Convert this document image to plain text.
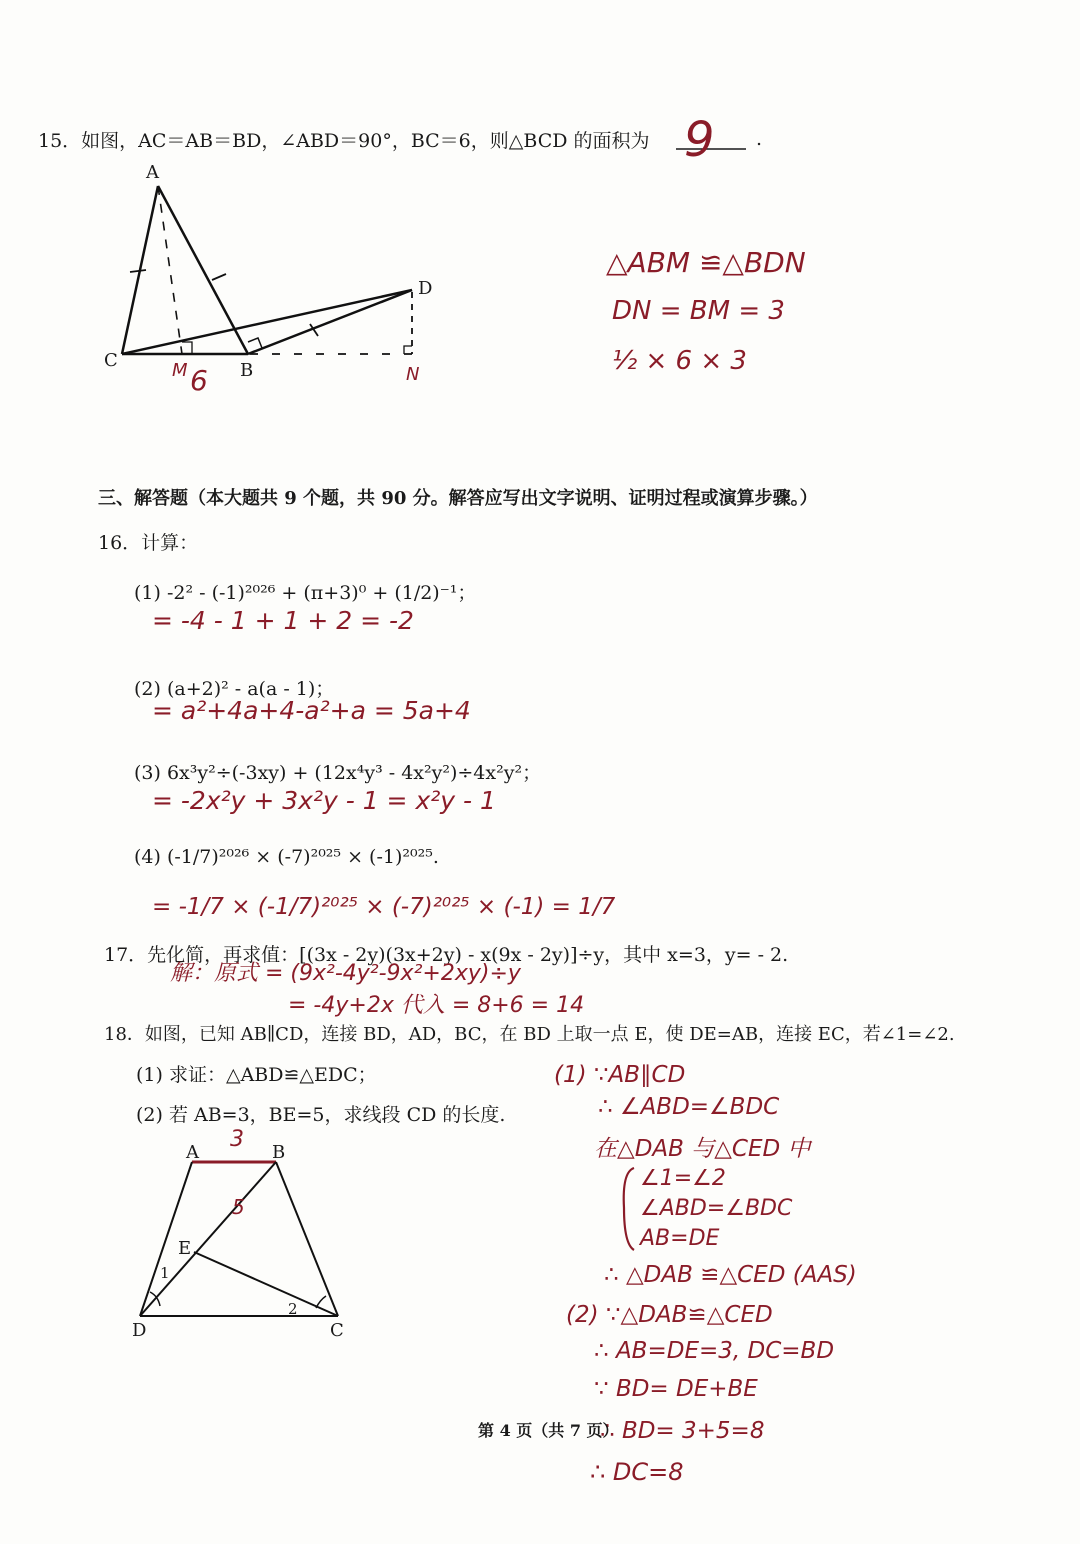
15．如图，AC＝AB＝BD，∠ABD＝90°，BC＝6，则△BCD 的面积为 9 .
A
C	B
D
M 6	N
△ABM ≌△BDN
DN = BM = 3
½ × 6 × 3
三、解答题（本大题共 9 个题，共 90 分。解答应写出文字说明、证明过程或演算步骤。）
16．计算：
(1) -2² - (-1)²⁰²⁶ + (π+3)⁰ + (1/2)⁻¹；
= -4 - 1 + 1 + 2 = -2
(2) (a+2)² - a(a - 1)；
= a²+4a+4-a²+a = 5a+4
(3) 6x³y²÷(-3xy) + (12x⁴y³ - 4x²y²)÷4x²y²；
= -2x²y + 3x²y - 1 = x²y - 1
(4) (-1/7)²⁰²⁶ × (-7)²⁰²⁵ × (-1)²⁰²⁵.
= -1/7 × (-1/7)²⁰²⁵ × (-7)²⁰²⁵ × (-1) = 1/7
17．先化简，再求值：[(3x - 2y)(3x+2y) - x(9x - 2y)]÷y，其中 x=3，y= - 2.
解：原式 = (9x²-4y²-9x²+2xy)÷y
= -4y+2x 代入 = 8+6 = 14
18．如图，已知 AB∥CD，连接 BD，AD，BC，在 BD 上取一点 E，使 DE=AB，连接 EC，若∠1=∠2.
(1) 求证：△ABD≌△EDC；
(2) 若 AB=3，BE=5，求线段 CD 的长度.
A	B
D	C
E
1
2
3
5
(1) ∵AB∥CD
∴ ∠ABD=∠BDC
在△DAB 与△CED 中
∠1=∠2
∠ABD=∠BDC
AB=DE
∴ △DAB ≌△CED (AAS)
(2) ∵△DAB≌△CED
∴ AB=DE=3, DC=BD
∵ BD= DE+BE
∴ BD= 3+5=8
∴ DC=8
第 4 页（共 7 页）
